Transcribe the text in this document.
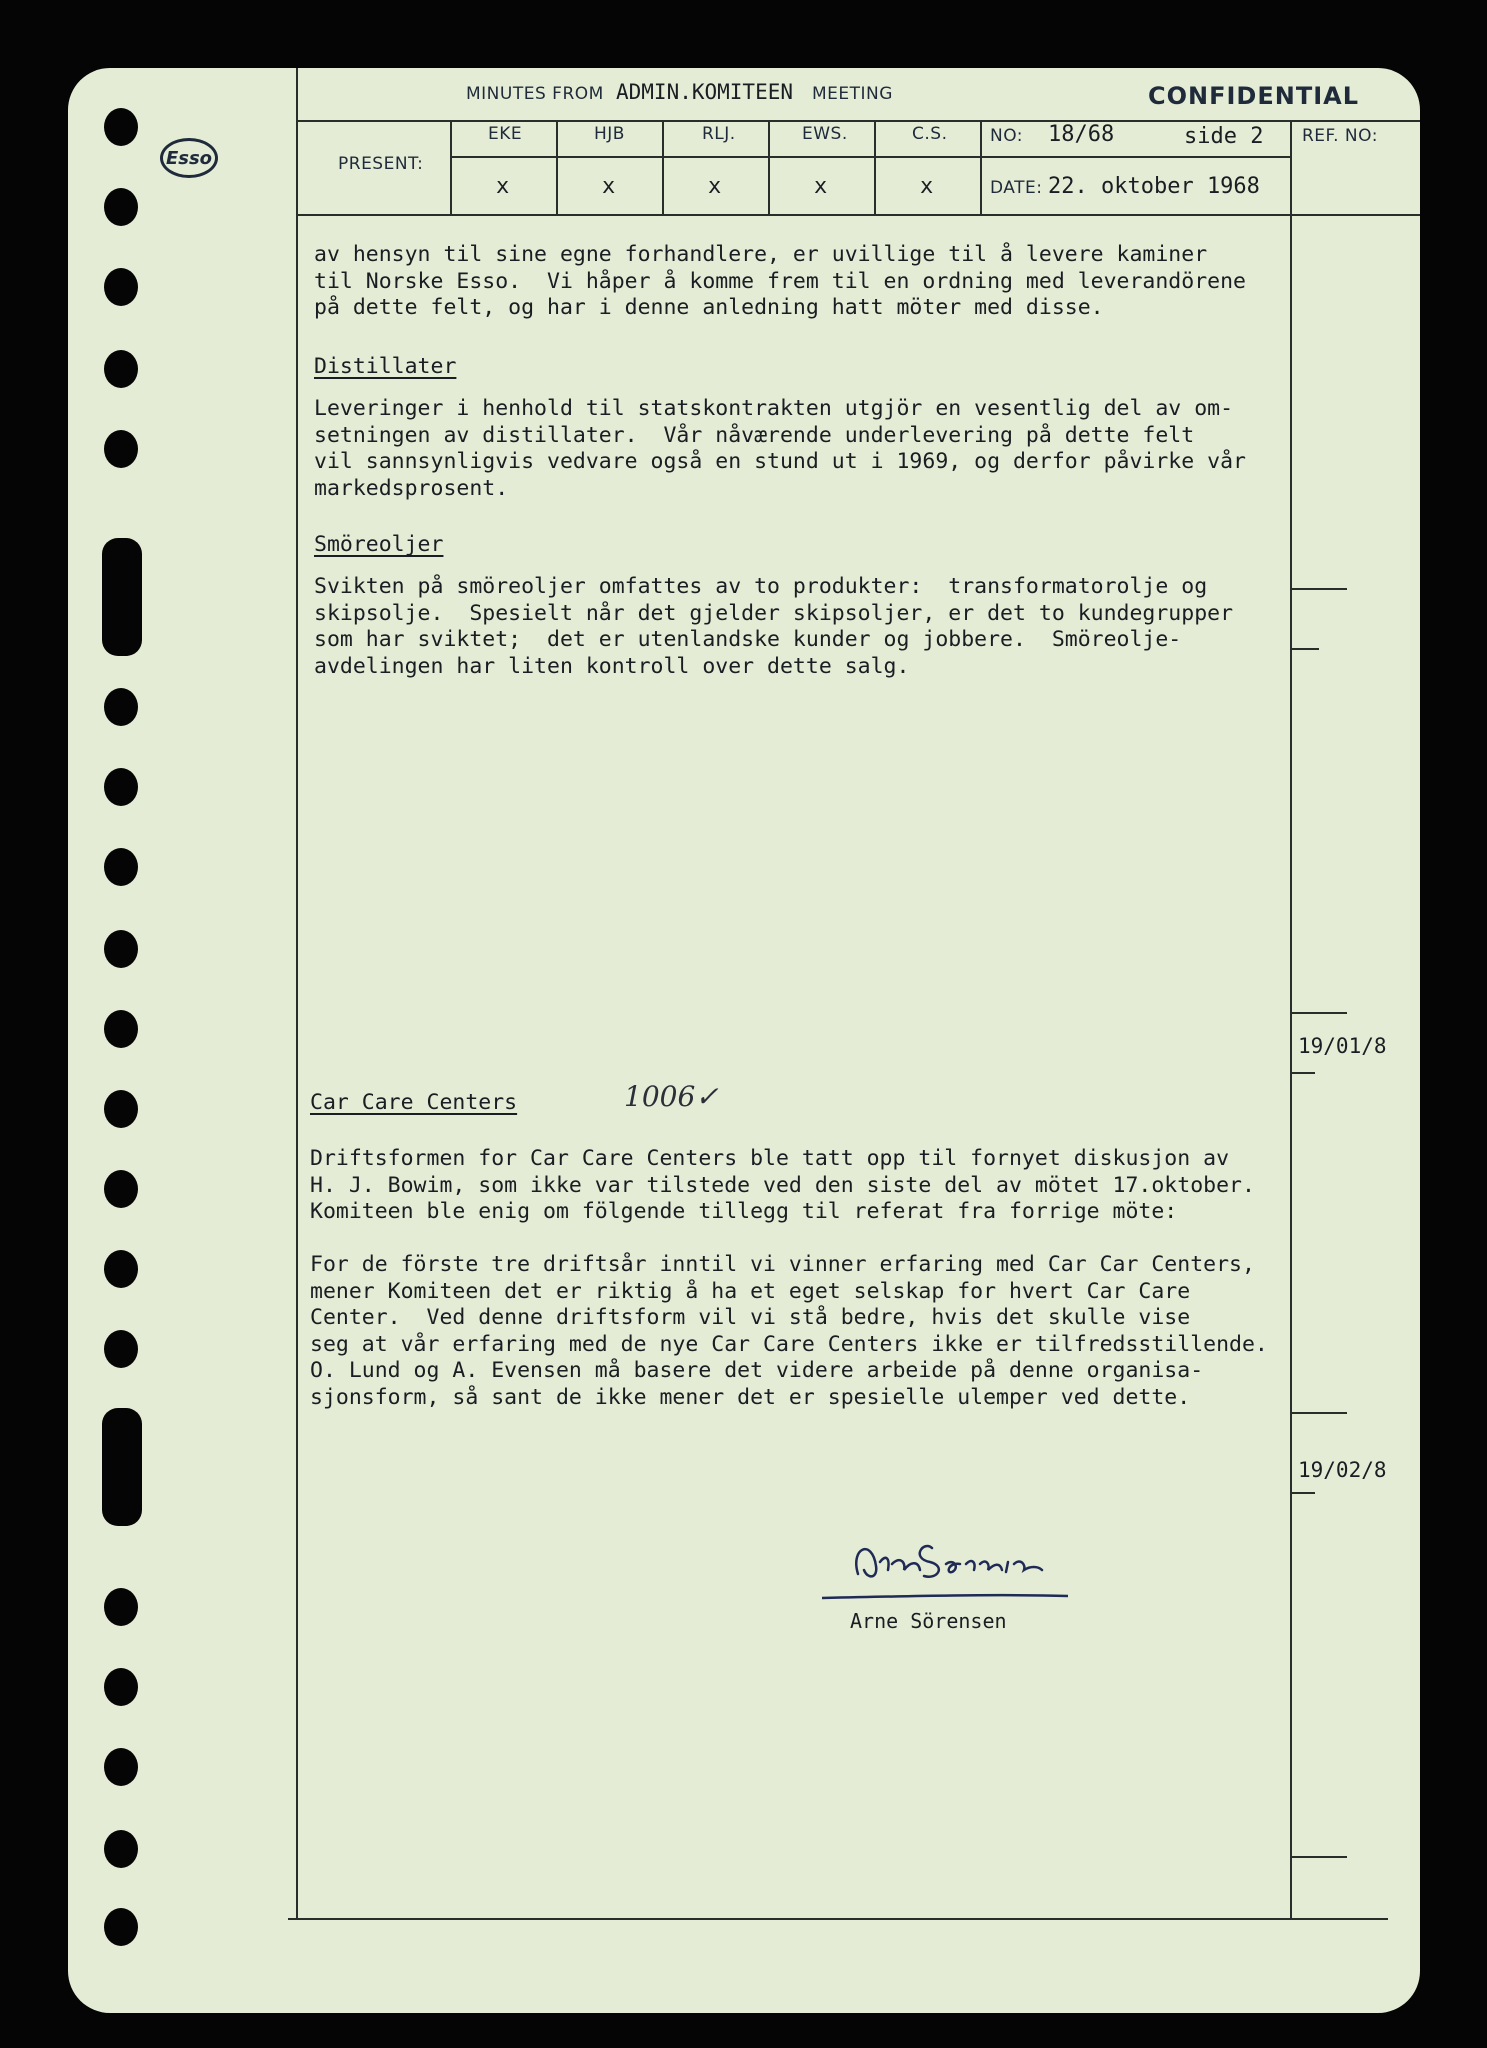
Esso
MINUTES FROM ADMIN.KOMITEEN MEETING	CONFIDENTIAL
PRESENT:
EKE	HJB	RLJ.	EWS.	C.S.
x	x	x	x	x
NO: 18/68	side 2
DATE: 22. oktober 1968
REF. NO:
av hensyn til sine egne forhandlere, er uvillige til å levere kaminer
til Norske Esso.  Vi håper å komme frem til en ordning med leverandörene
på dette felt, og har i denne anledning hatt möter med disse.
Distillater
Leveringer i henhold til statskontrakten utgjör en vesentlig del av om-
setningen av distillater.  Vår nåværende underlevering på dette felt
vil sannsynligvis vedvare også en stund ut i 1969, og derfor påvirke vår
markedsprosent.
Smöreoljer
Svikten på smöreoljer omfattes av to produkter:  transformatorolje og
skipsolje.  Spesielt når det gjelder skipsoljer, er det to kundegrupper
som har sviktet;  det er utenlandske kunder og jobbere.  Smöreolje-
avdelingen har liten kontroll over dette salg.
Car Care Centers	1006✓
Driftsformen for Car Care Centers ble tatt opp til fornyet diskusjon av
H. J. Bowim, som ikke var tilstede ved den siste del av mötet 17.oktober.
Komiteen ble enig om fölgende tillegg til referat fra forrige möte:
For de förste tre driftsår inntil vi vinner erfaring med Car Car Centers,
mener Komiteen det er riktig å ha et eget selskap for hvert Car Care
Center.  Ved denne driftsform vil vi stå bedre, hvis det skulle vise
seg at vår erfaring med de nye Car Care Centers ikke er tilfredsstillende.
O. Lund og A. Evensen må basere det videre arbeide på denne organisa-
sjonsform, så sant de ikke mener det er spesielle ulemper ved dette.
19/01/8
19/02/8
Arne Sörensen
